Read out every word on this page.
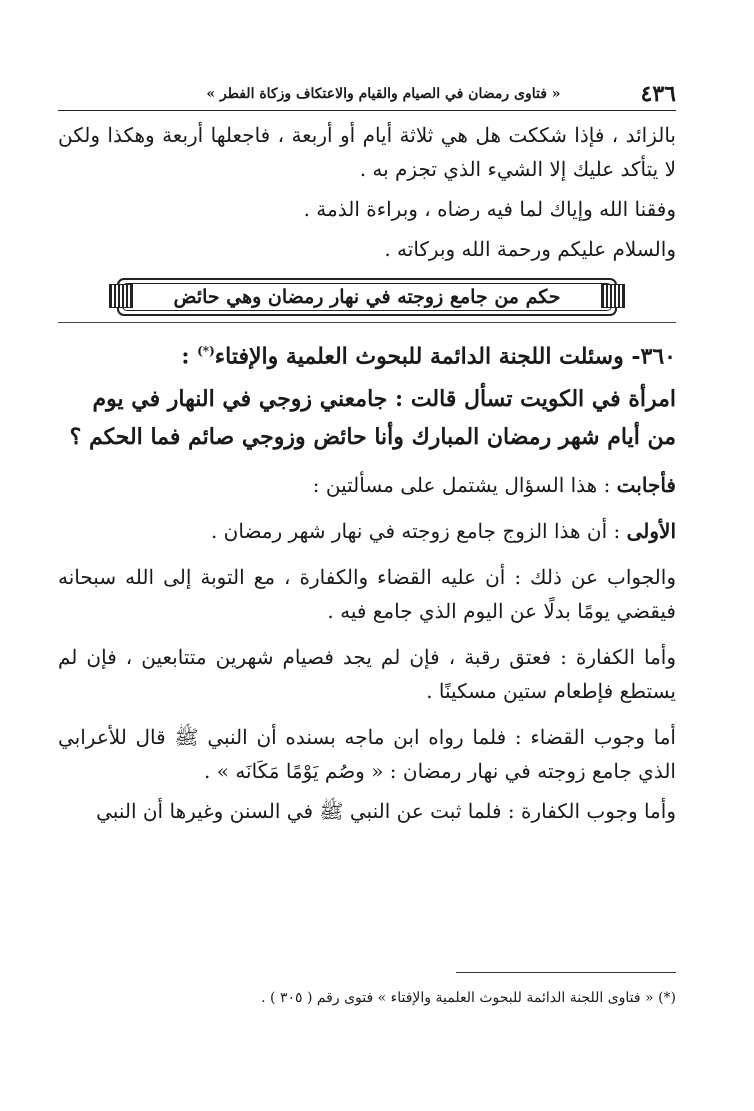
٤٣٦
« فتاوى رمضان في الصيام والقيام والاعتكاف وزكاة الفطر »

بالزائد ، فإذا شككت هل هي ثلاثة أيام أو أربعة ، فاجعلها أربعة وهكذا ولكن لا يتأكد عليك إلا الشيء الذي تجزم به .

وفقنا الله وإياك لما فيه رضاه ، وبراءة الذمة .

والسلام عليكم ورحمة الله وبركاته .

حكم من جامع زوجته في نهار رمضان وهي حائض

٣٦٠- وسئلت اللجنة الدائمة للبحوث العلمية والإفتاء(*) :

امرأة في الكويت تسأل قالت : جامعني زوجي في النهار في يوم من أيام شهر رمضان المبارك وأنا حائض وزوجي صائم فما الحكم ؟

فأجابت : هذا السؤال يشتمل على مسألتين :

الأولى : أن هذا الزوج جامع زوجته في نهار شهر رمضان .

والجواب عن ذلك : أن عليه القضاء والكفارة ، مع التوبة إلى الله سبحانه فيقضي يومًا بدلًا عن اليوم الذي جامع فيه .

وأما الكفارة : فعتق رقبة ، فإن لم يجد فصيام شهرين متتابعين ، فإن لم يستطع فإطعام ستين مسكينًا .

أما وجوب القضاء : فلما رواه ابن ماجه بسنده أن النبي ﷺ قال للأعرابي الذي جامع زوجته في نهار رمضان : « وصُم يَوْمًا مَكَانَه » .

وأما وجوب الكفارة : فلما ثبت عن النبي ﷺ في السنن وغيرها أن النبي

(*) « فتاوى اللجنة الدائمة للبحوث العلمية والإفتاء » فتوى رقم ( ٣٠٥ ) .
